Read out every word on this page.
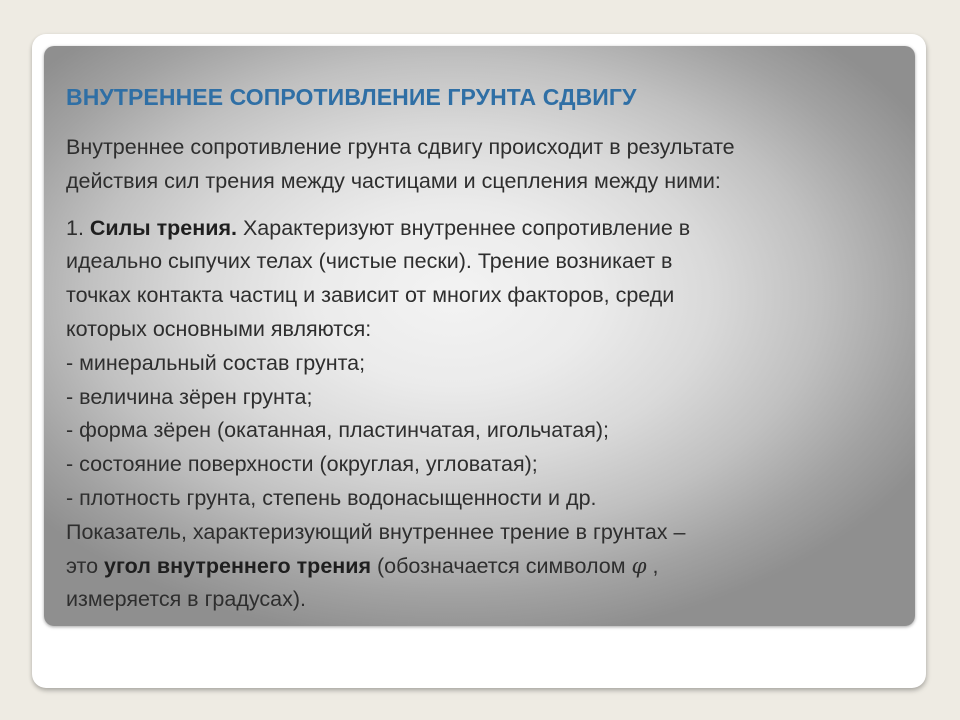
ВНУТРЕННЕЕ СОПРОТИВЛЕНИЕ ГРУНТА СДВИГУ

Внутреннее сопротивление грунта сдвигу происходит в результате
действия сил трения между частицами и сцепления между ними:

1. Силы трения. Характеризуют внутреннее сопротивление в
идеально сыпучих телах (чистые пески). Трение возникает в
точках контакта частиц и зависит от многих факторов, среди
которых основными являются:
- минеральный состав грунта;
- величина зёрен грунта;
- форма зёрен (окатанная, пластинчатая, игольчатая);
- состояние поверхности (округлая, угловатая);
- плотность грунта, степень водонасыщенности и др.
Показатель, характеризующий внутреннее трение в грунтах –
это угол внутреннего трения (обозначается символом φ ,
измеряется в градусах).
